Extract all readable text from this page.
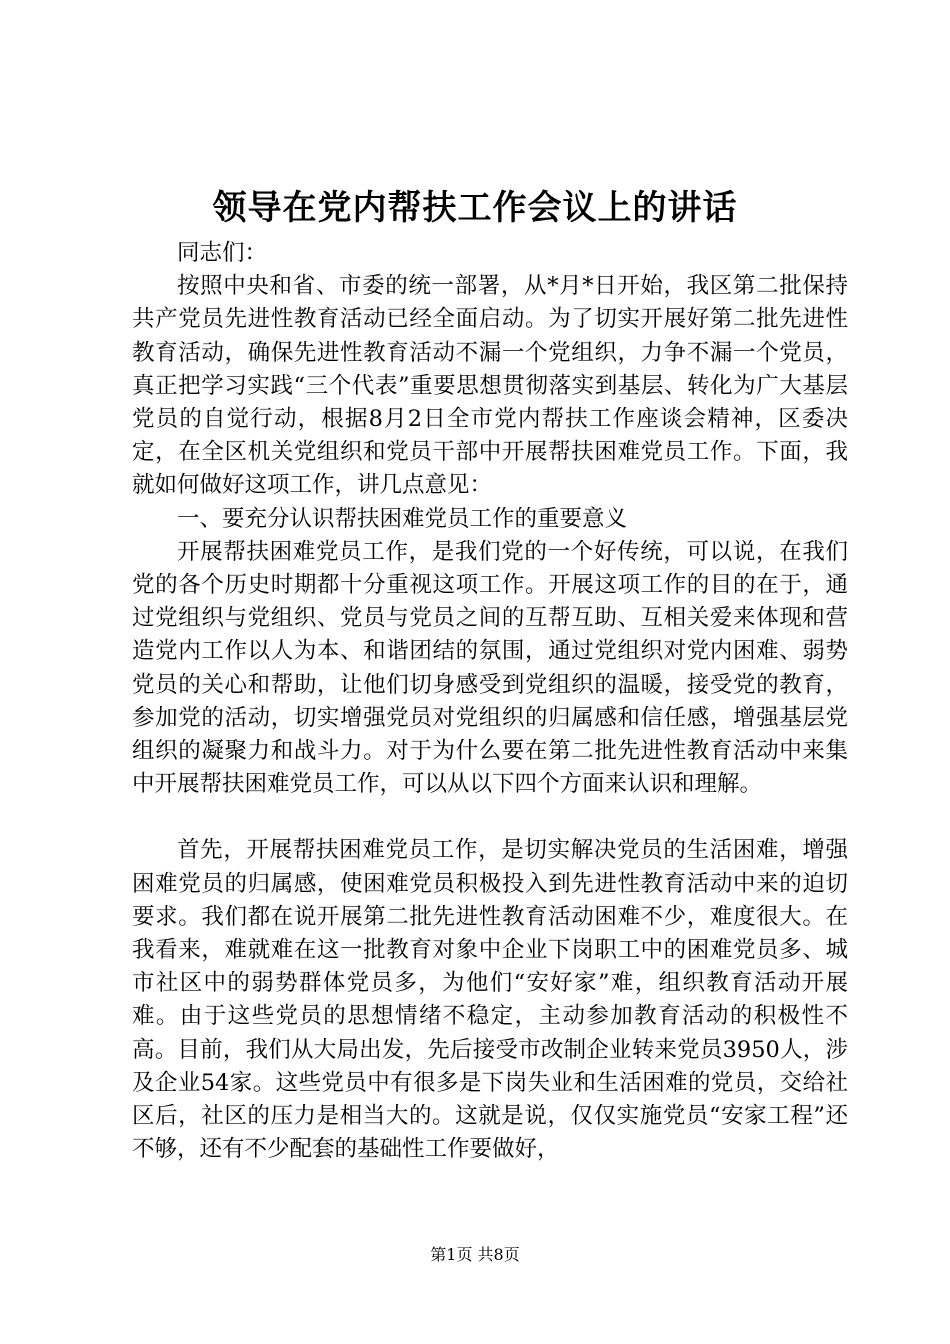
领导在党内帮扶工作会议上的讲话

同志们：

按照中央和省、市委的统一部署，从*月*日开始，我区第二批保持共产党员先进性教育活动已经全面启动。为了切实开展好第二批先进性教育活动，确保先进性教育活动不漏一个党组织，力争不漏一个党员，真正把学习实践“三个代表”重要思想贯彻落实到基层、转化为广大基层党员的自觉行动，根据8月2日全市党内帮扶工作座谈会精神，区委决定，在全区机关党组织和党员干部中开展帮扶困难党员工作。下面，我就如何做好这项工作，讲几点意见：

一、要充分认识帮扶困难党员工作的重要意义

开展帮扶困难党员工作，是我们党的一个好传统，可以说，在我们党的各个历史时期都十分重视这项工作。开展这项工作的目的在于，通过党组织与党组织、党员与党员之间的互帮互助、互相关爱来体现和营造党内工作以人为本、和谐团结的氛围，通过党组织对党内困难、弱势党员的关心和帮助，让他们切身感受到党组织的温暖，接受党的教育，参加党的活动，切实增强党员对党组织的归属感和信任感，增强基层党组织的凝聚力和战斗力。对于为什么要在第二批先进性教育活动中来集中开展帮扶困难党员工作，可以从以下四个方面来认识和理解。

首先，开展帮扶困难党员工作，是切实解决党员的生活困难，增强困难党员的归属感，使困难党员积极投入到先进性教育活动中来的迫切要求。我们都在说开展第二批先进性教育活动困难不少，难度很大。在我看来，难就难在这一批教育对象中企业下岗职工中的困难党员多、城市社区中的弱势群体党员多，为他们“安好家”难，组织教育活动开展难。由于这些党员的思想情绪不稳定，主动参加教育活动的积极性不高。目前，我们从大局出发，先后接受市改制企业转来党员3950人，涉及企业54家。这些党员中有很多是下岗失业和生活困难的党员，交给社区后，社区的压力是相当大的。这就是说，仅仅实施党员“安家工程”还不够，还有不少配套的基础性工作要做好，

第1页 共8页
